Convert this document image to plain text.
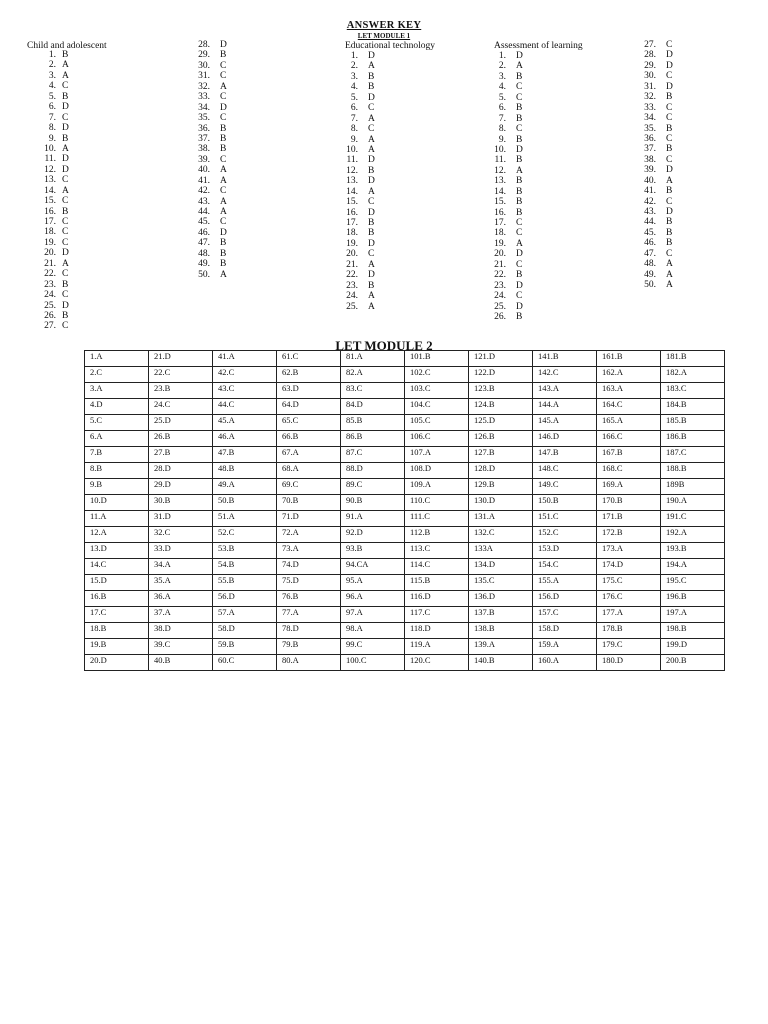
ANSWER KEY
LET MODULE 1
Child and adolescent	Educational technology	Assessment of learning
1. B
2. A
3. A
4. C
5. B
6. D
7. C
8. D
9. B
10. A
11. D
12. D
13. C
14. A
15. C
16. B
17. C
18. C
19. C
20. D
21. A
22. C
23. B
24. C
25. D
26. B
27. C
28. D
29. B
30. C
31. C
32. A
33. C
34. D
35. C
36. B
37. B
38. B
39. C
40. A
41. A
42. C
43. A
44. A
45. C
46. D
47. B
48. B
49. B
50. A
1. D
2. A
3. B
4. B
5. D
6. C
7. A
8. C
9. A
10. A
11. D
12. B
13. D
14. A
15. C
16. D
17. B
18. B
19. D
20. C
21. A
22. D
23. B
24. A
25. A
1. D
2. A
3. B
4. C
5. C
6. B
7. B
8. C
9. B
10. D
11. B
12. A
13. B
14. B
15. B
16. B
17. C
18. C
19. A
20. D
21. C
22. B
23. D
24. C
25. D
26. B
27. C
28. D
29. D
30. C
31. D
32. B
33. C
34. C
35. B
36. C
37. B
38. C
39. D
40. A
41. B
42. C
43. D
44. B
45. B
46. B
47. C
48. A
49. A
50. A
LET MODULE 2
1.A	21.D	41.A	61.C	81.A	101.B	121.D	141.B	161.B	181.B
2.C	22.C	42.C	62.B	82.A	102.C	122.D	142.C	162.A	182.A
3.A	23.B	43.C	63.D	83.C	103.C	123.B	143.A	163.A	183.C
4.D	24.C	44.C	64.D	84.D	104.C	124.B	144.A	164.C	184.B
5.C	25.D	45.A	65.C	85.B	105.C	125.D	145.A	165.A	185.B
6.A	26.B	46.A	66.B	86.B	106.C	126.B	146.D	166.C	186.B
7.B	27.B	47.B	67.A	87.C	107.A	127.B	147.B	167.B	187.C
8.B	28.D	48.B	68.A	88.D	108.D	128.D	148.C	168.C	188.B
9.B	29.D	49.A	69.C	89.C	109.A	129.B	149.C	169.A	189B
10.D	30.B	50.B	70.B	90.B	110.C	130.D	150.B	170.B	190.A
11.A	31.D	51.A	71.D	91.A	111.C	131.A	151.C	171.B	191.C
12.A	32.C	52.C	72.A	92.D	112.B	132.C	152.C	172.B	192.A
13.D	33.D	53.B	73.A	93.B	113.C	133A	153.D	173.A	193.B
14.C	34.A	54.B	74.D	94.CA	114.C	134.D	154.C	174.D	194.A
15.D	35.A	55.B	75.D	95.A	115.B	135.C	155.A	175.C	195.C
16.B	36.A	56.D	76.B	96.A	116.D	136.D	156.D	176.C	196.B
17.C	37.A	57.A	77.A	97.A	117.C	137.B	157.C	177.A	197.A
18.B	38.D	58.D	78.D	98.A	118.D	138.B	158.D	178.B	198.B
19.B	39.C	59.B	79.B	99.C	119.A	139.A	159.A	179.C	199.D
20.D	40.B	60.C	80.A	100.C	120.C	140.B	160.A	180.D	200.B
